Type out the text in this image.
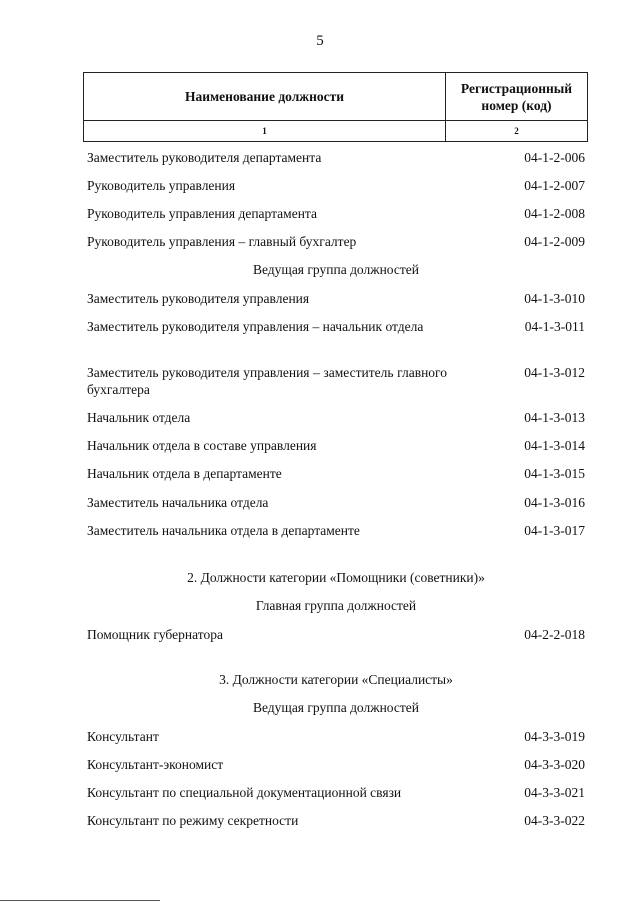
5
Наименование должности
Регистрационный
номер (код)
1	2
Заместитель руководителя департамента	04-1-2-006
Руководитель управления	04-1-2-007
Руководитель управления департамента	04-1-2-008
Руководитель управления – главный бухгалтер	04-1-2-009
Ведущая группа должностей
Заместитель руководителя управления	04-1-3-010
Заместитель руководителя управления – начальник отдела	04-1-3-011
Заместитель руководителя управления – заместитель главного бухгалтера
04-1-3-012
Начальник отдела	04-1-3-013
Начальник отдела в составе управления	04-1-3-014
Начальник отдела в департаменте	04-1-3-015
Заместитель начальника отдела	04-1-3-016
Заместитель начальника отдела в департаменте	04-1-3-017
2. Должности категории «Помощники (советники)»
Главная группа должностей
Помощник губернатора	04-2-2-018
3. Должности категории «Специалисты»
Ведущая группа должностей
Консультант	04-3-3-019
Консультант-экономист	04-3-3-020
Консультант по специальной документационной связи	04-3-3-021
Консультант по режиму секретности	04-3-3-022
